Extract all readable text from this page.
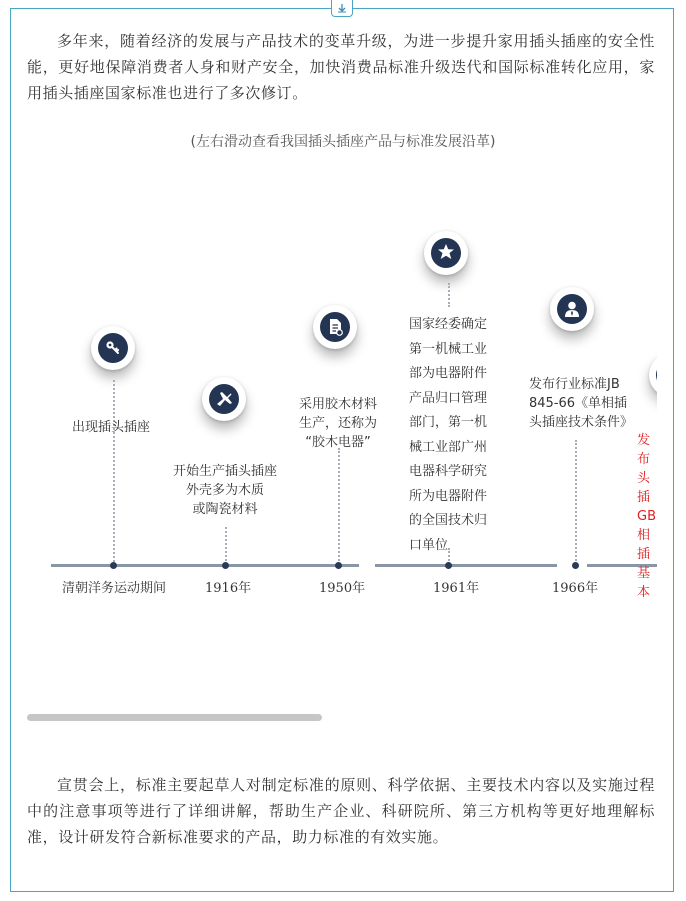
多年来，随着经济的发展与产品技术的变革升级，为进一步提升家用插头插座的安全性能，更好地保障消费者人身和财产安全，加快消费品标准升级迭代和国际标准转化应用，家用插头插座国家标准也进行了多次修订。

(左右滑动查看我国插头插座产品与标准发展沿革)
出现插头插座
清朝洋务运动期间
开始生产插头插座
外壳多为木质
或陶瓷材料
1916年
采用胶木材料
生产，还称为
“胶木电器”
1950年
国家经委确定
第一机械工业
部为电器附件
产品归口管理
部门，第一机
械工业部广州
电器科学研究
所为电器附件
的全国技术归
口单位
1961年
发布行业标准JB
845-66《单相插
头插座技术条件》
1966年
发布
头插
GB
相插
基本

宣贯会上，标准主要起草人对制定标准的原则、科学依据、主要技术内容以及实施过程中的注意事项等进行了详细讲解，帮助生产企业、科研院所、第三方机构等更好地理解标准，设计研发符合新标准要求的产品，助力标准的有效实施。
